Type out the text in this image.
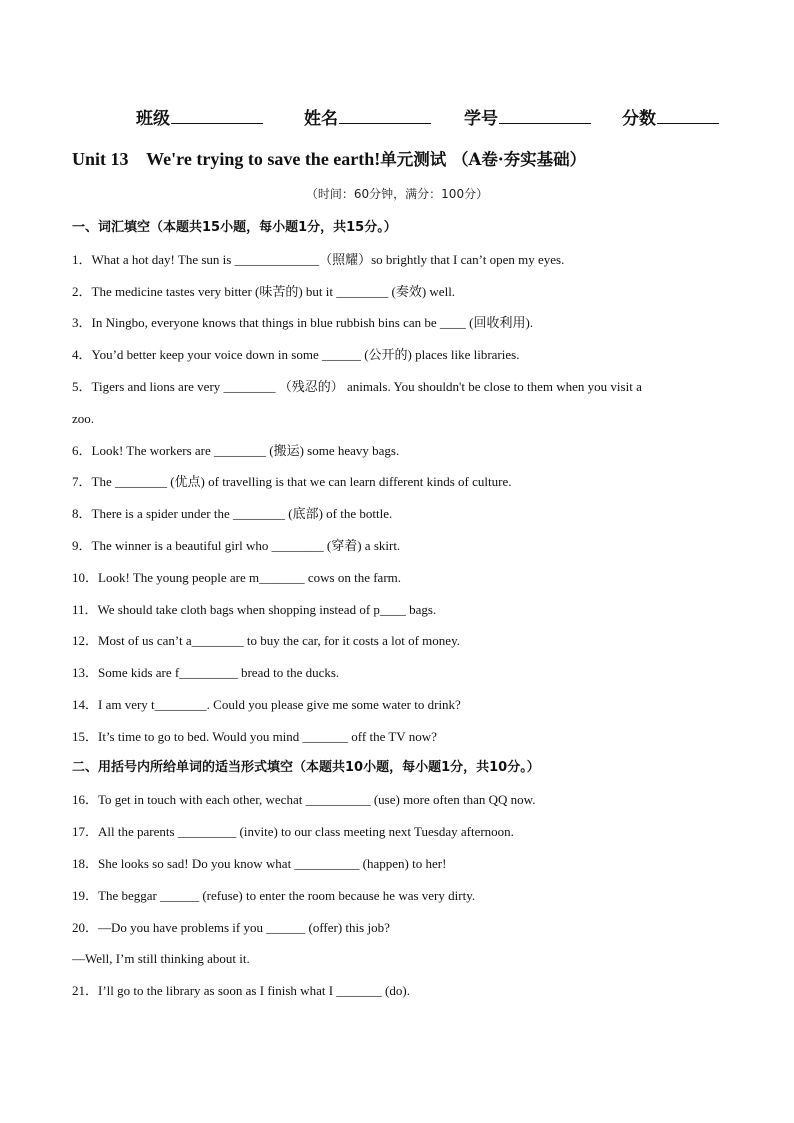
班级	姓名	学号	分数
Unit 13    We're trying to save the earth!单元测试 （A卷·夯实基础）
（时间：60分钟，满分：100分）
一、词汇填空（本题共15小题，每小题1分，共15分。）
1．What a hot day! The sun is _____________（照耀）so brightly that I can’t open my eyes.
2．The medicine tastes very bitter (味苦的) but it ________ (奏效) well.
3．In Ningbo, everyone knows that things in blue rubbish bins can be ____ (回收利用).
4．You’d better keep your voice down in some ______ (公开的) places like libraries.
5．Tigers and lions are very ________ （残忍的） animals. You shouldn't be close to them when you visit a
zoo.
6．Look! The workers are ________ (搬运) some heavy bags.
7．The ________ (优点) of travelling is that we can learn different kinds of culture.
8．There is a spider under the ________ (底部) of the bottle.
9．The winner is a beautiful girl who ________ (穿着) a skirt.
10．Look! The young people are m_______ cows on the farm.
11．We should take cloth bags when shopping instead of p____ bags.
12．Most of us can’t a________ to buy the car, for it costs a lot of money.
13．Some kids are f_________ bread to the ducks.
14．I am very t________. Could you please give me some water to drink?
15．It’s time to go to bed. Would you mind _______ off the TV now?
二、用括号内所给单词的适当形式填空（本题共10小题，每小题1分，共10分。）
16．To get in touch with each other, wechat __________ (use) more often than QQ now.
17．All the parents _________ (invite) to our class meeting next Tuesday afternoon.
18．She looks so sad! Do you know what __________ (happen) to her!
19．The beggar ______ (refuse) to enter the room because he was very dirty.
20．—Do you have problems if you ______ (offer) this job?
—Well, I’m still thinking about it.
21．I’ll go to the library as soon as I finish what I _______ (do).
